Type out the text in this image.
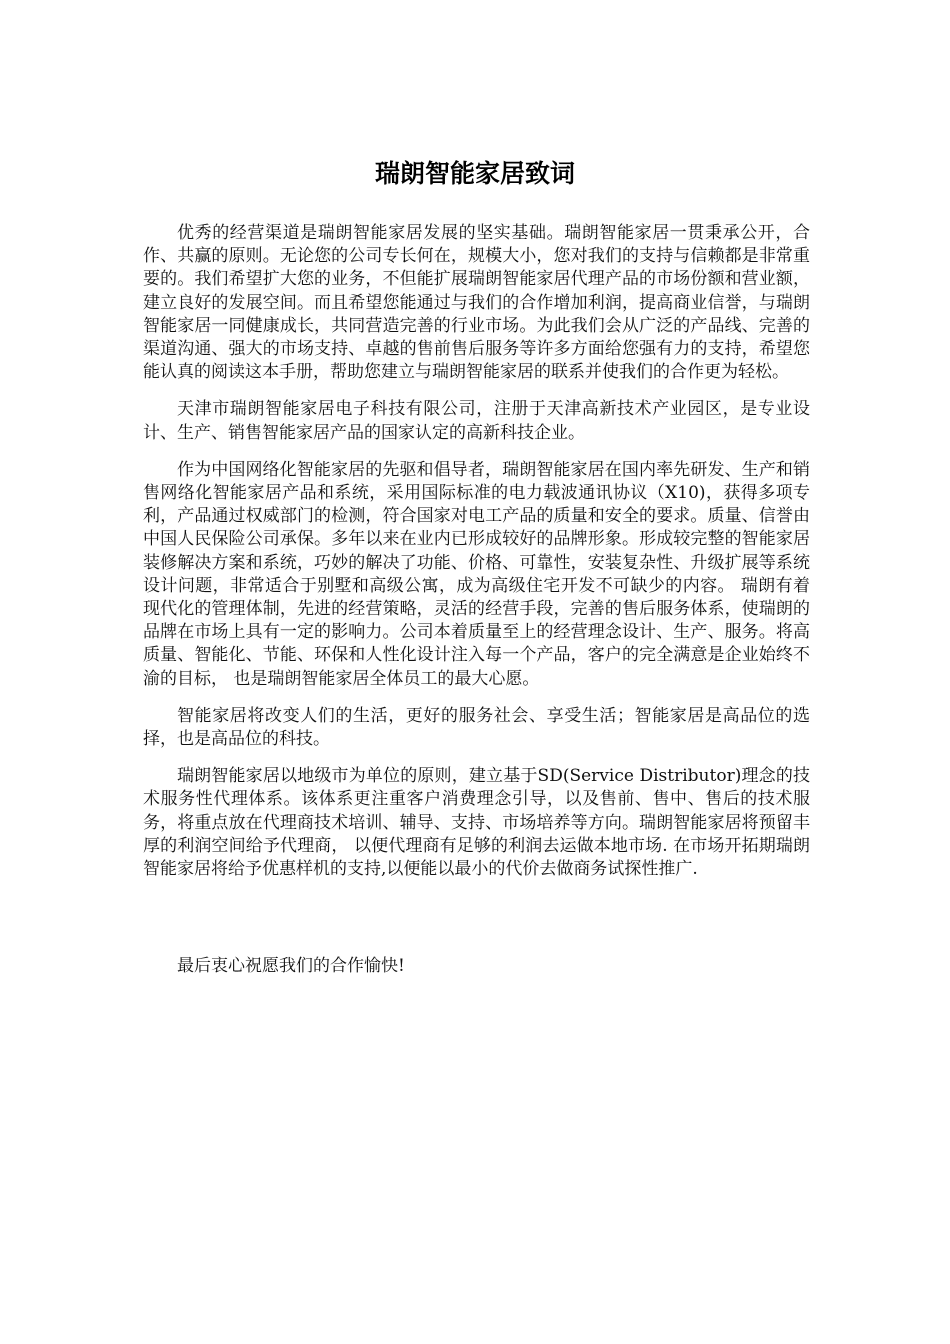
瑞朗智能家居致词

优秀的经营渠道是瑞朗智能家居发展的坚实基础。瑞朗智能家居一贯秉承公开，合作、共赢的原则。无论您的公司专长何在，规模大小，您对我们的支持与信赖都是非常重要的。我们希望扩大您的业务，不但能扩展瑞朗智能家居代理产品的市场份额和营业额，建立良好的发展空间。而且希望您能通过与我们的合作增加利润，提高商业信誉，与瑞朗智能家居一同健康成长，共同营造完善的行业市场。为此我们会从广泛的产品线、完善的渠道沟通、强大的市场支持、卓越的售前售后服务等许多方面给您强有力的支持，希望您能认真的阅读这本手册，帮助您建立与瑞朗智能家居的联系并使我们的合作更为轻松。

天津市瑞朗智能家居电子科技有限公司，注册于天津高新技术产业园区，是专业设计、生产、销售智能家居产品的国家认定的高新科技企业。

作为中国网络化智能家居的先驱和倡导者，瑞朗智能家居在国内率先研发、生产和销售网络化智能家居产品和系统，采用国际标准的电力载波通讯协议（X10)，获得多项专利，产品通过权威部门的检测，符合国家对电工产品的质量和安全的要求。质量、信誉由中国人民保险公司承保。多年以来在业内已形成较好的品牌形象。形成较完整的智能家居装修解决方案和系统，巧妙的解决了功能、价格、可靠性，安装复杂性、升级扩展等系统设计问题，非常适合于别墅和高级公寓，成为高级住宅开发不可缺少的内容。 瑞朗有着现代化的管理体制，先进的经营策略，灵活的经营手段，完善的售后服务体系，使瑞朗的品牌在市场上具有一定的影响力。公司本着质量至上的经营理念设计、生产、服务。将高质量、智能化、节能、环保和人性化设计注入每一个产品，客户的完全满意是企业始终不渝的目标， 也是瑞朗智能家居全体员工的最大心愿。

智能家居将改变人们的生活，更好的服务社会、享受生活；智能家居是高品位的选择，也是高品位的科技。

瑞朗智能家居以地级市为单位的原则，建立基于SD(Service Distributor)理念的技术服务性代理体系。该体系更注重客户消费理念引导，以及售前、售中、售后的技术服务，将重点放在代理商技术培训、辅导、支持、市场培养等方向。瑞朗智能家居将预留丰厚的利润空间给予代理商， 以便代理商有足够的利润去运做本地市场. 在市场开拓期瑞朗智能家居将给予优惠样机的支持,以便能以最小的代价去做商务试探性推广.

最后衷心祝愿我们的合作愉快!
